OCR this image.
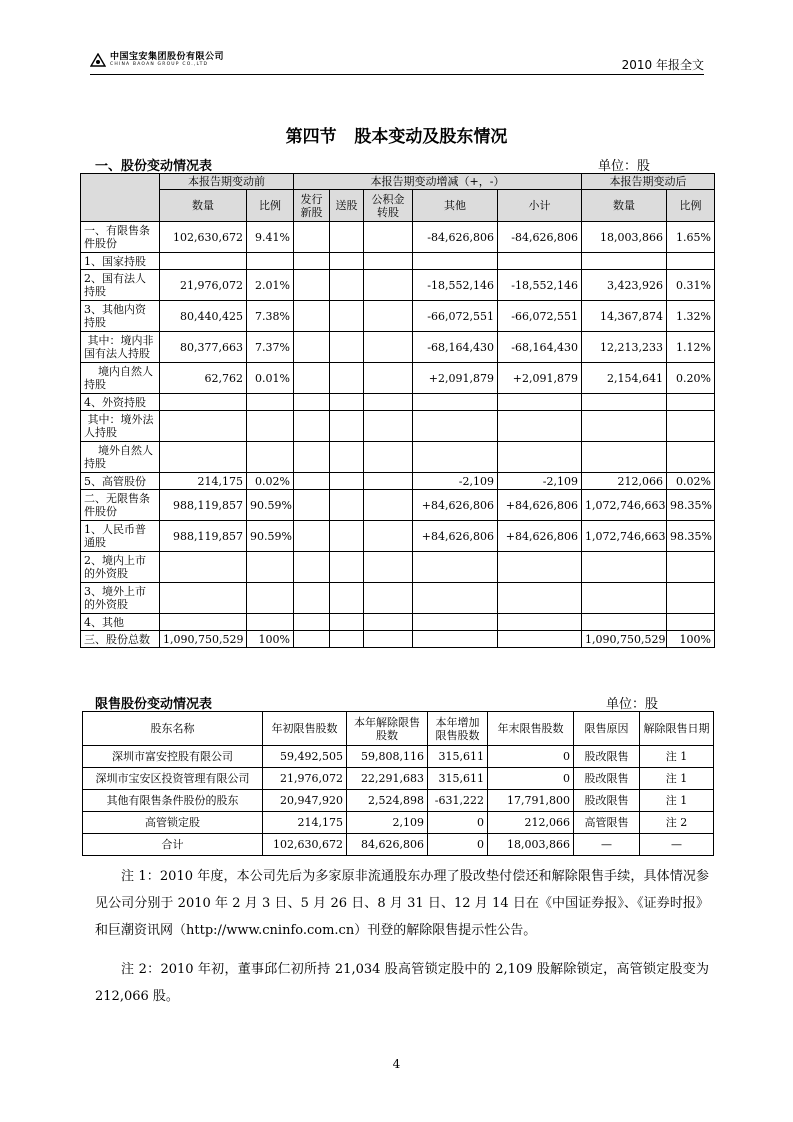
中国宝安集团股份有限公司
CHINA BAOAN GROUP CO.,LTD	2010 年报全文
第四节   股本变动及股东情况
一、股份变动情况表	单位：股
	本报告期变动前		本报告期变动增减（+，-）					本报告期变动后	
	数量	比例	发行新股	送股	公积金转股	其他	小计	数量	比例
一、有限售条件股份	102,630,672	9.41%				-84,626,806	-84,626,806	18,003,866	1.65%
1、国家持股									
2、国有法人持股	21,976,072	2.01%				-18,552,146	-18,552,146	3,423,926	0.31%
3、其他内资持股	80,440,425	7.38%				-66,072,551	-66,072,551	14,367,874	1.32%
其中：境内非国有法人持股	80,377,663	7.37%				-68,164,430	-68,164,430	12,213,233	1.12%
境内自然人持股	62,762	0.01%				+2,091,879	+2,091,879	2,154,641	0.20%
4、外资持股									
其中：境外法人持股									
境外自然人持股									
5、高管股份	214,175	0.02%				-2,109	-2,109	212,066	0.02%
二、无限售条件股份	988,119,857	90.59%				+84,626,806	+84,626,806	1,072,746,663	98.35%
1、人民币普通股	988,119,857	90.59%				+84,626,806	+84,626,806	1,072,746,663	98.35%
2、境内上市的外资股									
3、境外上市的外资股									
4、其他									
三、股份总数	1,090,750,529	100%						1,090,750,529	100%
限售股份变动情况表	单位：股
股东名称	年初限售股数	本年解除限售股数	本年增加限售股数	年末限售股数	限售原因	解除限售日期
深圳市富安控股有限公司	59,492,505	59,808,116	315,611	0	股改限售	注 1
深圳市宝安区投资管理有限公司	21,976,072	22,291,683	315,611	0	股改限售	注 1
其他有限售条件股份的股东	20,947,920	2,524,898	-631,222	17,791,800	股改限售	注 1
高管锁定股	214,175	2,109	0	212,066	高管限售	注 2
合计	102,630,672	84,626,806	0	18,003,866	—	—
注 1：2010 年度，本公司先后为多家原非流通股东办理了股改垫付偿还和解除限售手续，具体情况参见公司分别于 2010 年 2 月 3 日、5 月 26 日、8 月 31 日、12 月 14 日在《中国证券报》、《证券时报》和巨潮资讯网（http://www.cninfo.com.cn）刊登的解除限售提示性公告。
注 2：2010 年初，董事邱仁初所持 21,034 股高管锁定股中的 2,109 股解除锁定，高管锁定股变为 212,066 股。
4
